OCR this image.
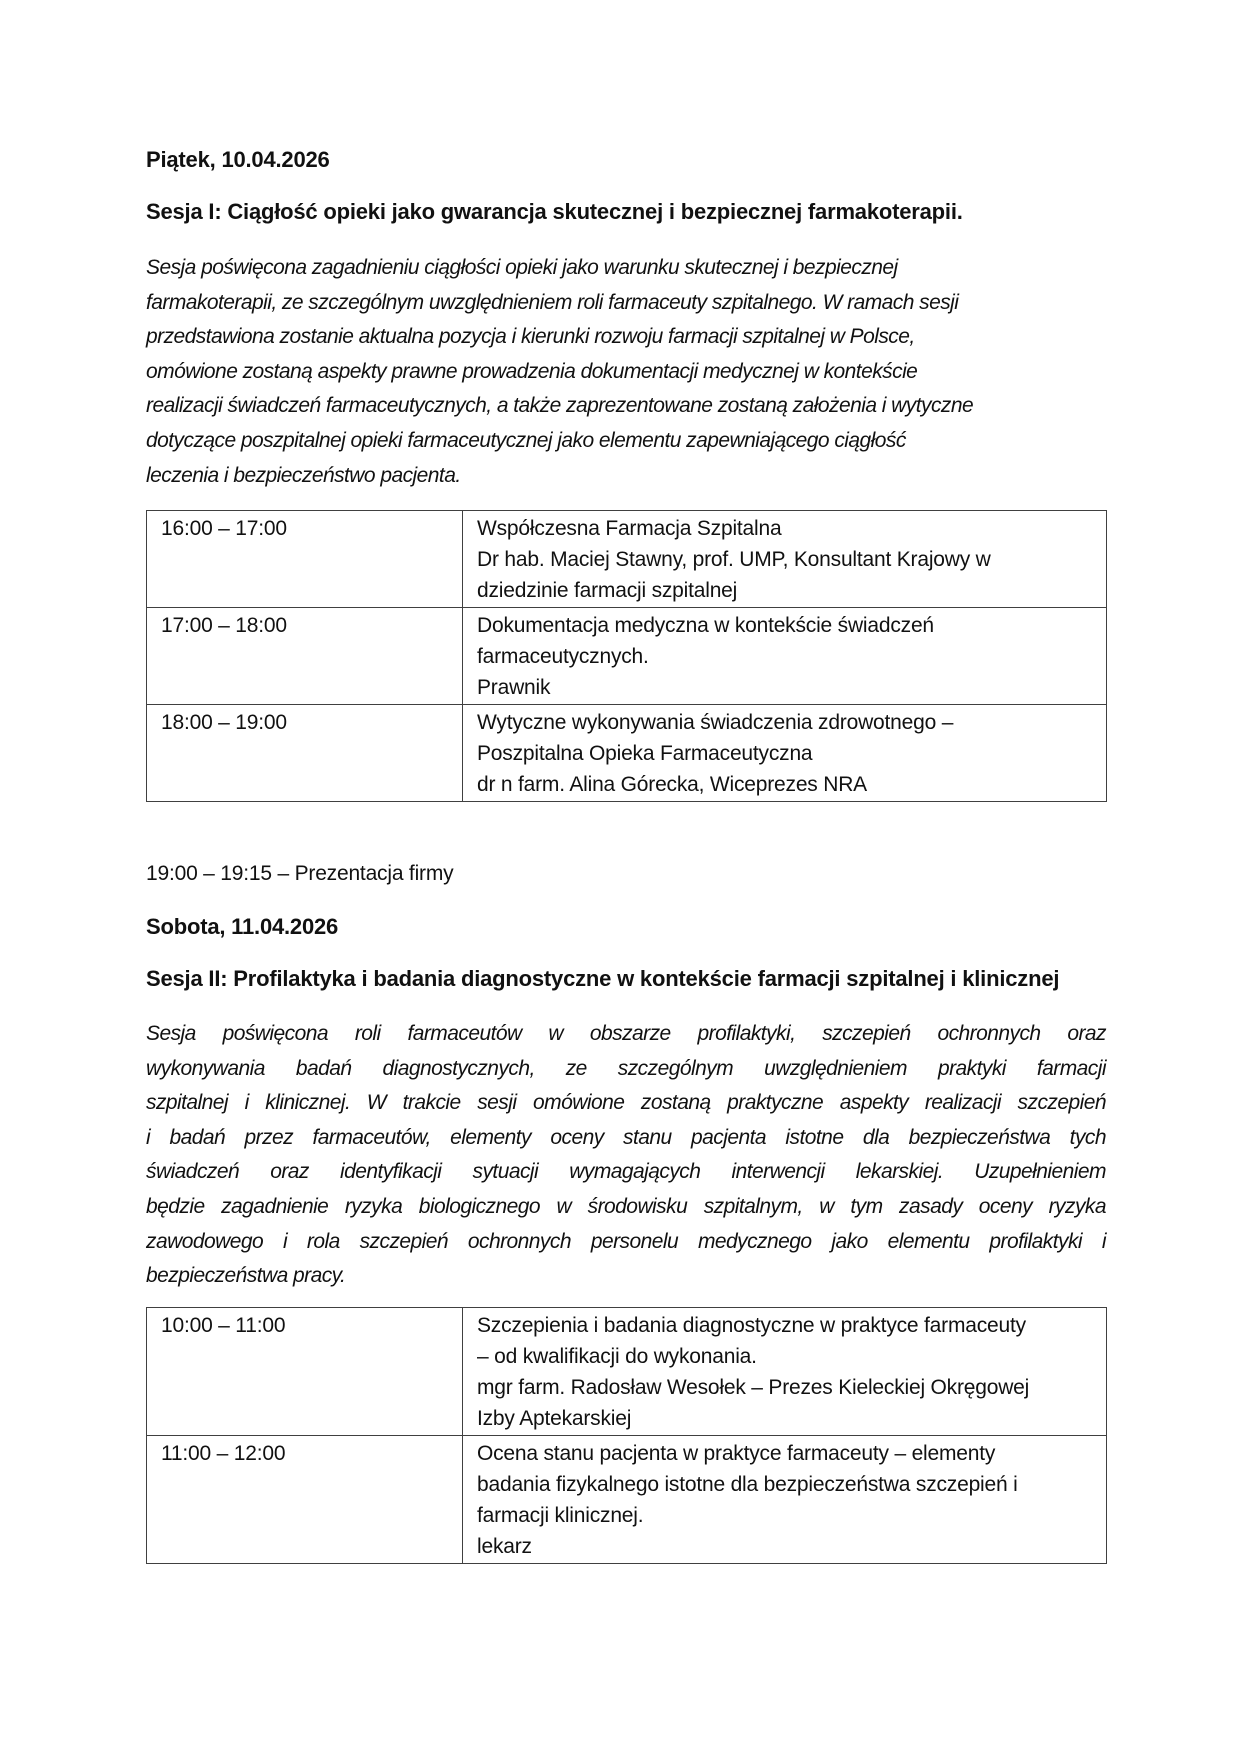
Piątek, 10.04.2026
Sesja I: Ciągłość opieki jako gwarancja skutecznej i bezpiecznej farmakoterapii.
Sesja poświęcona zagadnieniu ciągłości opieki jako warunku skutecznej i bezpiecznej
farmakoterapii, ze szczególnym uwzględnieniem roli farmaceuty szpitalnego. W ramach sesji
przedstawiona zostanie aktualna pozycja i kierunki rozwoju farmacji szpitalnej w Polsce,
omówione zostaną aspekty prawne prowadzenia dokumentacji medycznej w kontekście
realizacji świadczeń farmaceutycznych, a także zaprezentowane zostaną założenia i wytyczne
dotyczące poszpitalnej opieki farmaceutycznej jako elementu zapewniającego ciągłość
leczenia i bezpieczeństwo pacjenta.
16:00 – 17:00	Współczesna Farmacja Szpitalna
Dr hab. Maciej Stawny, prof. UMP, Konsultant Krajowy w
dziedzinie farmacji szpitalnej

17:00 – 18:00	Dokumentacja medyczna w kontekście świadczeń
farmaceutycznych.
Prawnik

18:00 – 19:00	Wytyczne wykonywania świadczenia zdrowotnego –
Poszpitalna Opieka Farmaceutyczna
dr n farm. Alina Górecka, Wiceprezes NRA
19:00 – 19:15 – Prezentacja firmy
Sobota, 11.04.2026
Sesja II: Profilaktyka i badania diagnostyczne w kontekście farmacji szpitalnej i klinicznej
Sesja poświęcona roli farmaceutów w obszarze profilaktyki, szczepień ochronnych oraz
wykonywania badań diagnostycznych, ze szczególnym uwzględnieniem praktyki farmacji
szpitalnej i klinicznej. W trakcie sesji omówione zostaną praktyczne aspekty realizacji szczepień
i badań przez farmaceutów, elementy oceny stanu pacjenta istotne dla bezpieczeństwa tych
świadczeń oraz identyfikacji sytuacji wymagających interwencji lekarskiej. Uzupełnieniem
będzie zagadnienie ryzyka biologicznego w środowisku szpitalnym, w tym zasady oceny ryzyka
zawodowego i rola szczepień ochronnych personelu medycznego jako elementu profilaktyki i
bezpieczeństwa pracy.
10:00 – 11:00	Szczepienia i badania diagnostyczne w praktyce farmaceuty
– od kwalifikacji do wykonania.
mgr farm. Radosław Wesołek – Prezes Kieleckiej Okręgowej
Izby Aptekarskiej

11:00 – 12:00	Ocena stanu pacjenta w praktyce farmaceuty – elementy
badania fizykalnego istotne dla bezpieczeństwa szczepień i
farmacji klinicznej.
lekarz
